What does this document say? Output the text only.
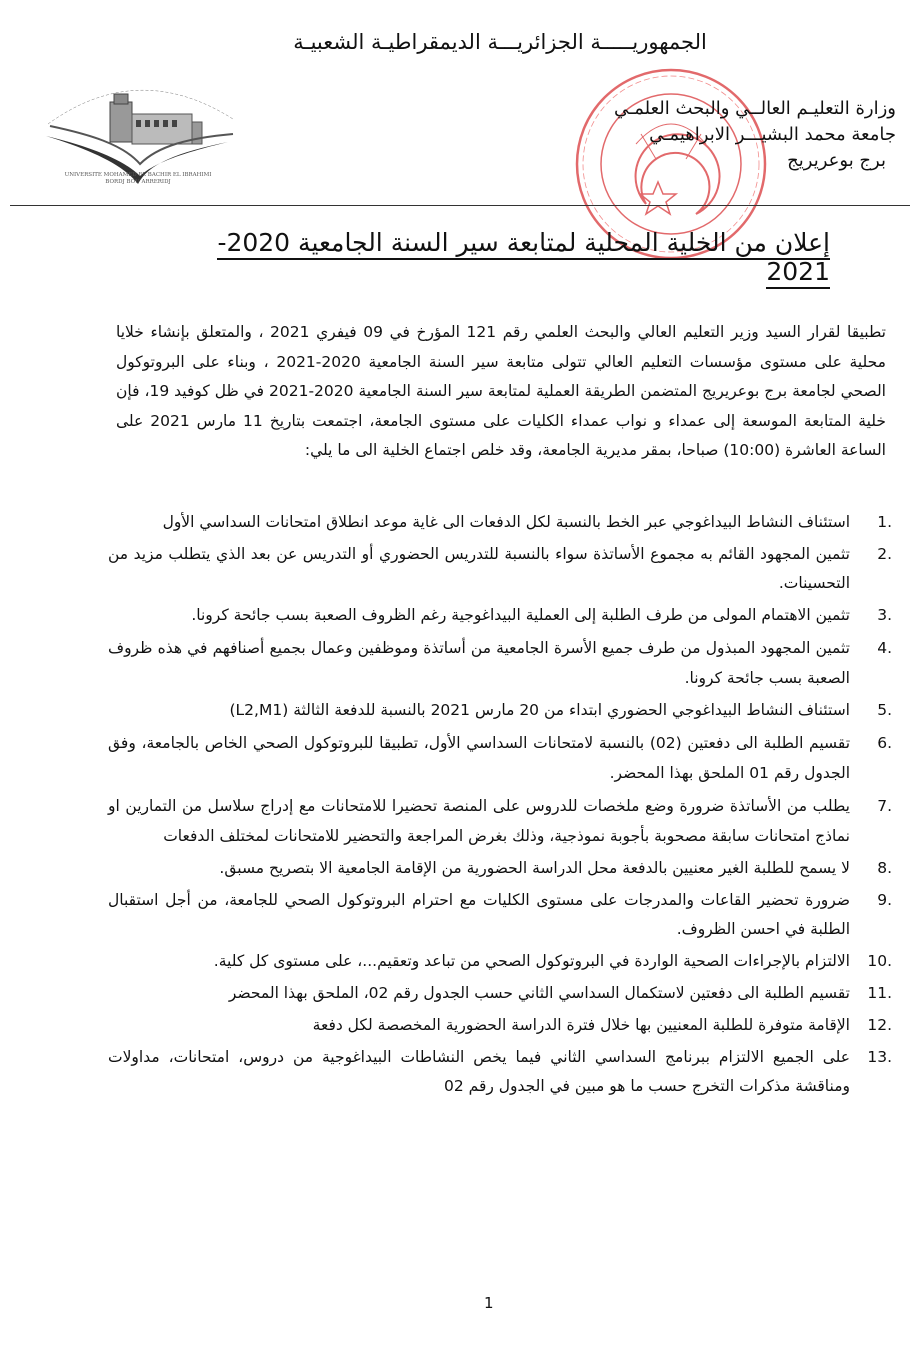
الجمهوريـــــة الجزائريـــة الديمقراطيـة الشعبيـة
UNIVERSITE MOHAMED EL BACHIR EL IBRAHIMI
BORDJ BOU ARRERIDJ
وزارة التعليـم العالــي والبحث العلمـي
جامعة محمد البشيـــر الابراهيمـي
برج بوعريريج
إعلان من الخلية المحلية لمتابعة سير السنة الجامعية 2020-2021
تطبيقا لقرار السيد وزير التعليم العالي والبحث العلمي رقم 121 المؤرخ في 09 فيفري 2021 ، والمتعلق بإنشاء خلايا محلية على مستوى مؤسسات التعليم العالي تتولى متابعة سير السنة الجامعية 2020-2021 ، وبناء على البروتوكول الصحي لجامعة برج بوعريريج المتضمن الطريقة العملية لمتابعة سير السنة الجامعية 2020-2021 في ظل كوفيد 19، فإن خلية المتابعة الموسعة إلى عمداء و نواب عمداء الكليات على مستوى الجامعة، اجتمعت بتاريخ 11 مارس 2021 على الساعة العاشرة (10:00) صباحا، بمقر مديرية الجامعة، وقد خلص اجتماع الخلية الى ما يلي:
1.
استئناف النشاط البيداغوجي عبر الخط بالنسبة لكل الدفعات الى غاية موعد انطلاق امتحانات السداسي الأول
2.
تثمين المجهود القائم به مجموع الأساتذة سواء بالنسبة للتدريس الحضوري أو التدريس عن بعد الذي يتطلب مزيد من التحسينات.
3.
تثمين الاهتمام المولى من طرف الطلبة إلى العملية البيداغوجية رغم الظروف الصعبة بسب جائحة كرونا.
4.
تثمين المجهود المبذول من طرف جميع الأسرة الجامعية من أساتذة وموظفين وعمال بجميع أصنافهم في هذه ظروف الصعبة بسب جائحة كرونا.
5.
استئناف النشاط البيداغوجي الحضوري ابتداء من 20 مارس 2021 بالنسبة للدفعة الثالثة (L2,M1)
6.
تقسيم الطلبة الى دفعتين (02) بالنسبة لامتحانات السداسي الأول، تطبيقا للبروتوكول الصحي الخاص بالجامعة، وفق الجدول رقم 01 الملحق بهذا المحضر.
7.
يطلب من الأساتذة ضرورة وضع ملخصات للدروس على المنصة تحضيرا للامتحانات مع إدراج سلاسل من التمارين او نماذج امتحانات سابقة مصحوبة بأجوبة نموذجية، وذلك بغرض المراجعة والتحضير للامتحانات لمختلف الدفعات
8.
لا يسمح للطلبة الغير معنيين بالدفعة محل الدراسة الحضورية من الإقامة الجامعية الا بتصريح مسبق.
9.
ضرورة تحضير القاعات والمدرجات على مستوى الكليات مع احترام البروتوكول الصحي للجامعة، من أجل استقبال الطلبة في احسن الظروف.
10.
الالتزام بالإجراءات الصحية الواردة في البروتوكول الصحي من تباعد وتعقيم...، على مستوى كل كلية.
11.
تقسيم الطلبة الى دفعتين لاستكمال السداسي الثاني حسب الجدول رقم 02، الملحق بهذا المحضر
12.
الإقامة متوفرة للطلبة المعنيين بها خلال فترة الدراسة الحضورية المخصصة لكل دفعة
13.
على الجميع الالتزام ببرنامج السداسي الثاني فيما يخص النشاطات البيداغوجية من دروس، امتحانات، مداولات ومناقشة مذكرات التخرج حسب ما هو مبين في الجدول رقم 02
1
